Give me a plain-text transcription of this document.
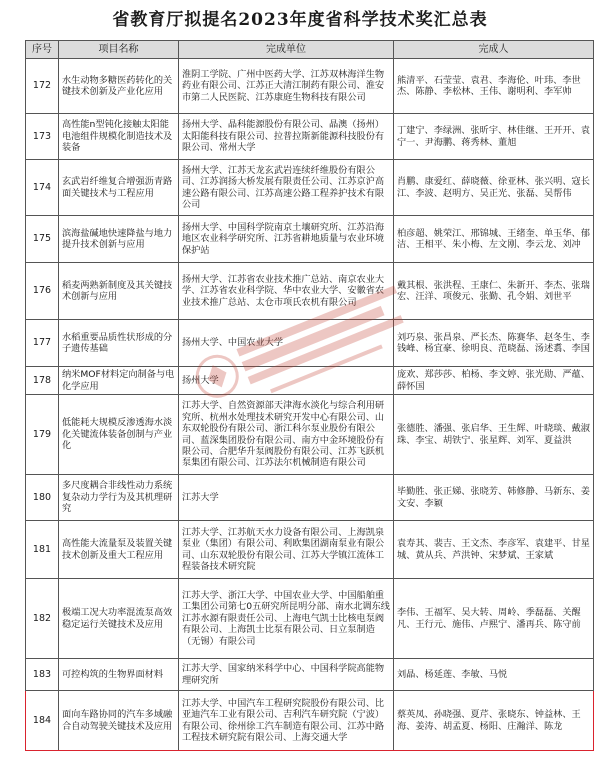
省教育厅拟提名2023年度省科学技术奖汇总表
序号	项目名称	完成单位	完成人
172	水生动物多糖医药转化的关键技术创新及产业化应用	淮阴工学院、广州中医药大学、江苏双林海洋生物药业有限公司、江苏正大清江制药有限公司、淮安市第二人民医院、江苏康庭生物科技有限公司	熊清平、石莹莹、袁君、李海伦、叶玮、李世杰、陈静、李松林、王伟、谢明利、李军帅
173	高性能n型钝化接触太阳能电池组件规模化制造技术及装备	扬州大学、晶科能源股份有限公司、晶澳（扬州）太阳能科技有限公司、拉普拉斯新能源科技股份有限公司、常州大学	丁建宁、李绿洲、张昕宇、林佳继、王开开、袁宁一、尹海鹏、蒋秀林、董旭
174	玄武岩纤维复合增强沥青路面关键技术与工程应用	扬州大学、江苏天龙玄武岩连续纤维股份有限公司、江苏润扬大桥发展有限责任公司、江苏京沪高速公路有限公司、江苏高速公路工程养护技术有限公司	肖鹏、康爱红、薛晓薇、徐亚林、张兴明、寇长江、李波、赵明方、吴正光、张磊、吴帮伟
175	滨海盐碱地快速降盐与地力提升技术创新与应用	扬州大学、中国科学院南京土壤研究所、江苏沿海地区农业科学研究所、江苏省耕地质量与农业环境保护站	柏彦超、姚荣江、邢锦城、王绪奎、单玉华、郁洁、王相平、朱小梅、左文刚、李云龙、刘冲
176	稻麦两熟新制度及其关键技术创新与应用	扬州大学、江苏省农业技术推广总站、南京农业大学、江苏省农业科学院、华中农业大学、安徽省农业技术推广总站、太仓市项氏农机有限公司	戴其根、张洪程、王康仁、朱新开、李杰、张瑞宏、汪洋、项俊元、张勤、孔令娟、刘世平
177	水稻重要品质性状形成的分子遗传基础	扬州大学、中国农业大学	刘巧泉、张昌泉、严长杰、陈赛华、赵冬生、李钱峰、杨宜豪、徐明良、范晓磊、汤述翥、李国
178	纳米MOF材料定向制备与电化学应用	扬州大学	庞欢、郑莎莎、柏杨、李文婷、张光勋、严蕴、薛怀国
179	低能耗大规模反渗透海水淡化关键流体装备创制与产业化	江苏大学、自然资源部天津海水淡化与综合利用研究所、杭州水处理技术研究开发中心有限公司、山东双轮股份有限公司、浙江科尔泵业股份有限公司、蓝深集团股份有限公司、南方中金环境股份有限公司、合肥华升泵阀股份有限公司、江苏飞跃机泵集团有限公司、江苏法尔机械制造有限公司	张德胜、潘强、张启华、王生辉、叶晓琰、戴淑珠、李宝、胡铁宁、张星辉、刘军、夏益洪
180	多尺度耦合非线性动力系统复杂动力学行为及其机理研究	江苏大学	毕勤胜、张正娣、张晓芳、韩修静、马新东、姜文安、李颖
181	高性能大流量泵及装置关键技术创新及重大工程应用	江苏大学、江苏航天水力设备有限公司、上海凯泉泵业（集团）有限公司、利欧集团湖南泵业有限公司、山东双轮股份有限公司、江苏大学镇江流体工程装备技术研究院	袁寿其、裴吉、王文杰、李彦军、袁建平、甘星城、黄从兵、芦洪钟、宋梦斌、王家斌
182	极端工况大功率混流泵高效稳定运行关键技术及应用	江苏大学、浙江大学、中国农业大学、中国船舶重工集团公司第七0五研究所昆明分部、南水北调东线江苏水源有限责任公司、上海电气凯士比核电泵阀有限公司、上海凯士比泵有限公司、日立泵制造（无锡）有限公司	李伟、王福军、吴大转、周岭、季磊磊、关醒凡、王行元、施伟、卢熙宁、潘再兵、陈守前
183	可控构筑的生物界面材料	江苏大学、国家纳米科学中心、中国科学院高能物理研究所	刘晶、杨延莲、李敏、马悦
184	面向车路协同的汽车多域融合自动驾驶关键技术及应用	江苏大学、中国汽车工程研究院股份有限公司、比亚迪汽车工业有限公司、吉利汽车研究院（宁波）有限公司、徐州徐工汽车制造有限公司、江苏中路工程技术研究院有限公司、上海交通大学	蔡英凤、孙晓强、夏芹、张晓东、钟益林、王海、姜涛、胡孟夏、杨阳、庄瀚洋、陈龙
